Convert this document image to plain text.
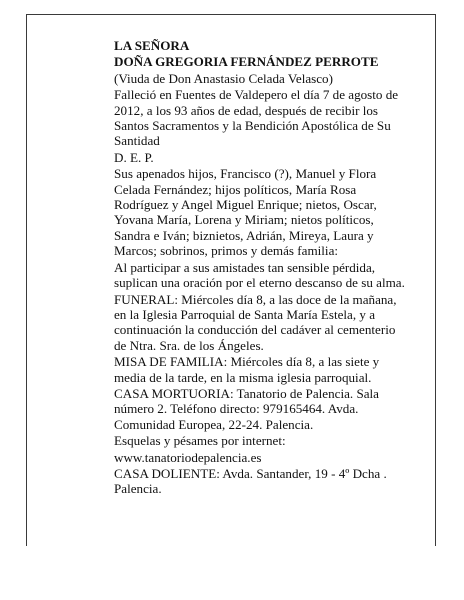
LA SEÑORA

DOÑA GREGORIA FERNÁNDEZ PERROTE

(Viuda de Don Anastasio Celada Velasco)

Falleció en Fuentes de Valdepero el día 7 de agosto de 2012, a los 93 años de edad, después de recibir los Santos Sacramentos y la Bendición Apostólica de Su Santidad

D. E. P.

Sus apenados hijos, Francisco (?), Manuel y Flora Celada Fernández; hijos políticos, María Rosa Rodríguez y Angel Miguel Enrique; nietos, Oscar, Yovana María, Lorena y Miriam; nietos políticos, Sandra e Iván; biznietos, Adrián, Mireya, Laura y Marcos; sobrinos, primos y demás familia:

Al participar a sus amistades tan sensible pérdida, suplican una oración por el eterno descanso de su alma.

FUNERAL: Miércoles día 8, a las doce de la mañana, en la Iglesia Parroquial de Santa María Estela, y a continuación la conducción del cadáver al cementerio de Ntra. Sra. de los Ángeles.

MISA DE FAMILIA: Miércoles día 8, a las siete y media de la tarde, en la misma iglesia parroquial.

CASA MORTUORIA: Tanatorio de Palencia. Sala número 2. Teléfono directo: 979165464. Avda. Comunidad Europea, 22-24. Palencia.

Esquelas y pésames por internet:

www.tanatoriodepalencia.es

CASA DOLIENTE: Avda. Santander, 19 - 4º Dcha . Palencia.
